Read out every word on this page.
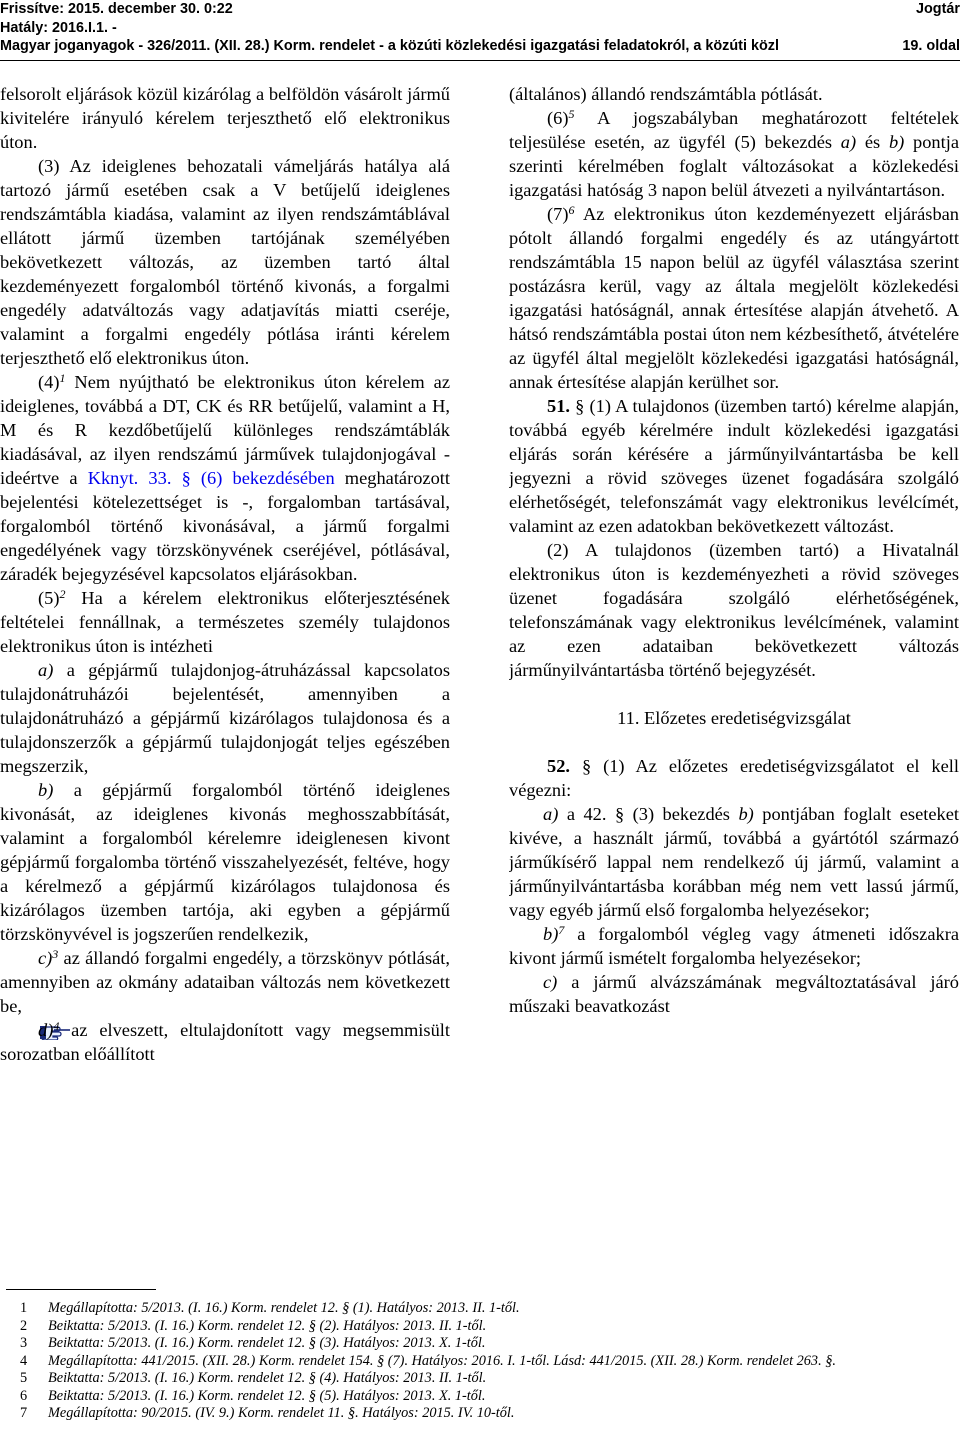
Frissítve: 2015. december 30. 0:22
Hatály: 2016.I.1. -
Magyar joganyagok - 326/2011. (XII. 28.) Korm. rendelet - a közúti közlekedési igazgatási feladatokról, a közúti közl
Jogtár
19. oldal

felsorolt eljárások közül kizárólag a belföldön vásárolt jármű kivitelére irányuló kérelem terjeszthető elő elektronikus úton.

(3) Az ideiglenes behozatali vámeljárás hatálya alá tartozó jármű esetében csak a V betűjelű ideiglenes rendszámtábla kiadása, valamint az ilyen rendszámtáblával ellátott jármű üzemben tartójának személyében bekövetkezett változás, az üzemben tartó által kezdeményezett forgalomból történő kivonás, a forgalmi engedély adatváltozás vagy adatjavítás miatti cseréje, valamint a forgalmi engedély pótlása iránti kérelem terjeszthető elő elektronikus úton.

$(4)^1$ Nem nyújtható be elektronikus úton kérelem az ideiglenes, továbbá a DT, CK és RR betűjelű, valamint a H, M és R kezdőbetűjelű különleges rendszámtáblák kiadásával, az ilyen rendszámú járművek tulajdonjogával - ideértve a Kknyt. 33. § (6) bekezdésében meghatározott bejelentési kötelezettséget is -, forgalomban tartásával, forgalomból történő kivonásával, a jármű forgalmi engedélyének vagy törzskönyvének cseréjével, pótlásával, záradék bejegyzésével kapcsolatos eljárásokban.

$(5)^2$ Ha a kérelem elektronikus előterjesztésének feltételei fennállnak, a természetes személy tulajdonos elektronikus úton is intézheti

a) a gépjármű tulajdonjog-átruházással kapcsolatos tulajdonátruházói bejelentését, amennyiben a tulajdonátruházó a gépjármű kizárólagos tulajdonosa és a tulajdonszerzők a gépjármű tulajdonjogát teljes egészében megszerzik,

b) a gépjármű forgalomból történő ideiglenes kivonását, az ideiglenes kivonás meghosszabbítását, valamint a forgalomból kérelemre ideiglenesen kivont gépjármű forgalomba történő visszahelyezését, feltéve, hogy a kérelmező a gépjármű kizárólagos tulajdonosa és kizárólagos üzemben tartója, aki egyben a gépjármű törzskönyvével is jogszerűen rendelkezik,

c)$^3$ az állandó forgalmi engedély, a törzskönyv pótlását, amennyiben az okmány adataiban változás nem következett be,

d)$^4$ az elveszett, eltulajdonított vagy megsemmisült sorozatban előállított

(általános) állandó rendszámtábla pótlását.

$(6)^5$ A jogszabályban meghatározott feltételek teljesülése esetén, az ügyfél (5) bekezdés a) és b) pontja szerinti kérelmében foglalt változásokat a közlekedési igazgatási hatóság 3 napon belül átvezeti a nyilvántartáson.

$(7)^6$ Az elektronikus úton kezdeményezett eljárásban pótolt állandó forgalmi engedély és az utángyártott rendszámtábla 15 napon belül az ügyfél választása szerint postázásra kerül, vagy az általa megjelölt közlekedési igazgatási hatóságnál, annak értesítése alapján átvehető. A hátsó rendszámtábla postai úton nem kézbesíthető, átvételére az ügyfél által megjelölt közlekedési igazgatási hatóságnál, annak értesítése alapján kerülhet sor.

51. § (1) A tulajdonos (üzemben tartó) kérelme alapján, továbbá egyéb kérelmére indult közlekedési igazgatási eljárás során kérésére a járműnyilvántartásba be kell jegyezni a rövid szöveges üzenet fogadására szolgáló elérhetőségét, telefonszámát vagy elektronikus levélcímét, valamint az ezen adatokban bekövetkezett változást.

(2) A tulajdonos (üzemben tartó) a Hivatalnál elektronikus úton is kezdeményezheti a rövid szöveges üzenet fogadására szolgáló elérhetőségének, telefonszámának vagy elektronikus levélcímének, valamint az ezen adataiban bekövetkezett változás járműnyilvántartásba történő bejegyzését.

11. Előzetes eredetiségvizsgálat

52. § (1) Az előzetes eredetiségvizsgálatot el kell végezni:

a) a 42. § (3) bekezdés b) pontjában foglalt eseteket kivéve, a használt jármű, továbbá a gyártótól származó járműkísérő lappal nem rendelkező új jármű, valamint a járműnyilvántartásba korábban még nem vett lassú jármű, vagy egyéb jármű első forgalomba helyezésekor;

b)$^7$ a forgalomból végleg vagy átmeneti időszakra kivont jármű ismételt forgalomba helyezésekor;

c) a jármű alvázszámának megváltoztatásával járó műszaki beavatkozást

1 Megállapította: 5/2013. (I. 16.) Korm. rendelet 12. § (1). Hatályos: 2013. II. 1-től.
2 Beiktatta: 5/2013. (I. 16.) Korm. rendelet 12. § (2). Hatályos: 2013. II. 1-től.
3 Beiktatta: 5/2013. (I. 16.) Korm. rendelet 12. § (3). Hatályos: 2013. X. 1-től.
4 Megállapította: 441/2015. (XII. 28.) Korm. rendelet 154. § (7). Hatályos: 2016. I. 1-től. Lásd: 441/2015. (XII. 28.) Korm. rendelet 263. §.
5 Beiktatta: 5/2013. (I. 16.) Korm. rendelet 12. § (4). Hatályos: 2013. II. 1-től.
6 Beiktatta: 5/2013. (I. 16.) Korm. rendelet 12. § (5). Hatályos: 2013. X. 1-től.
7 Megállapította: 90/2015. (IV. 9.) Korm. rendelet 11. §. Hatályos: 2015. IV. 10-től.
